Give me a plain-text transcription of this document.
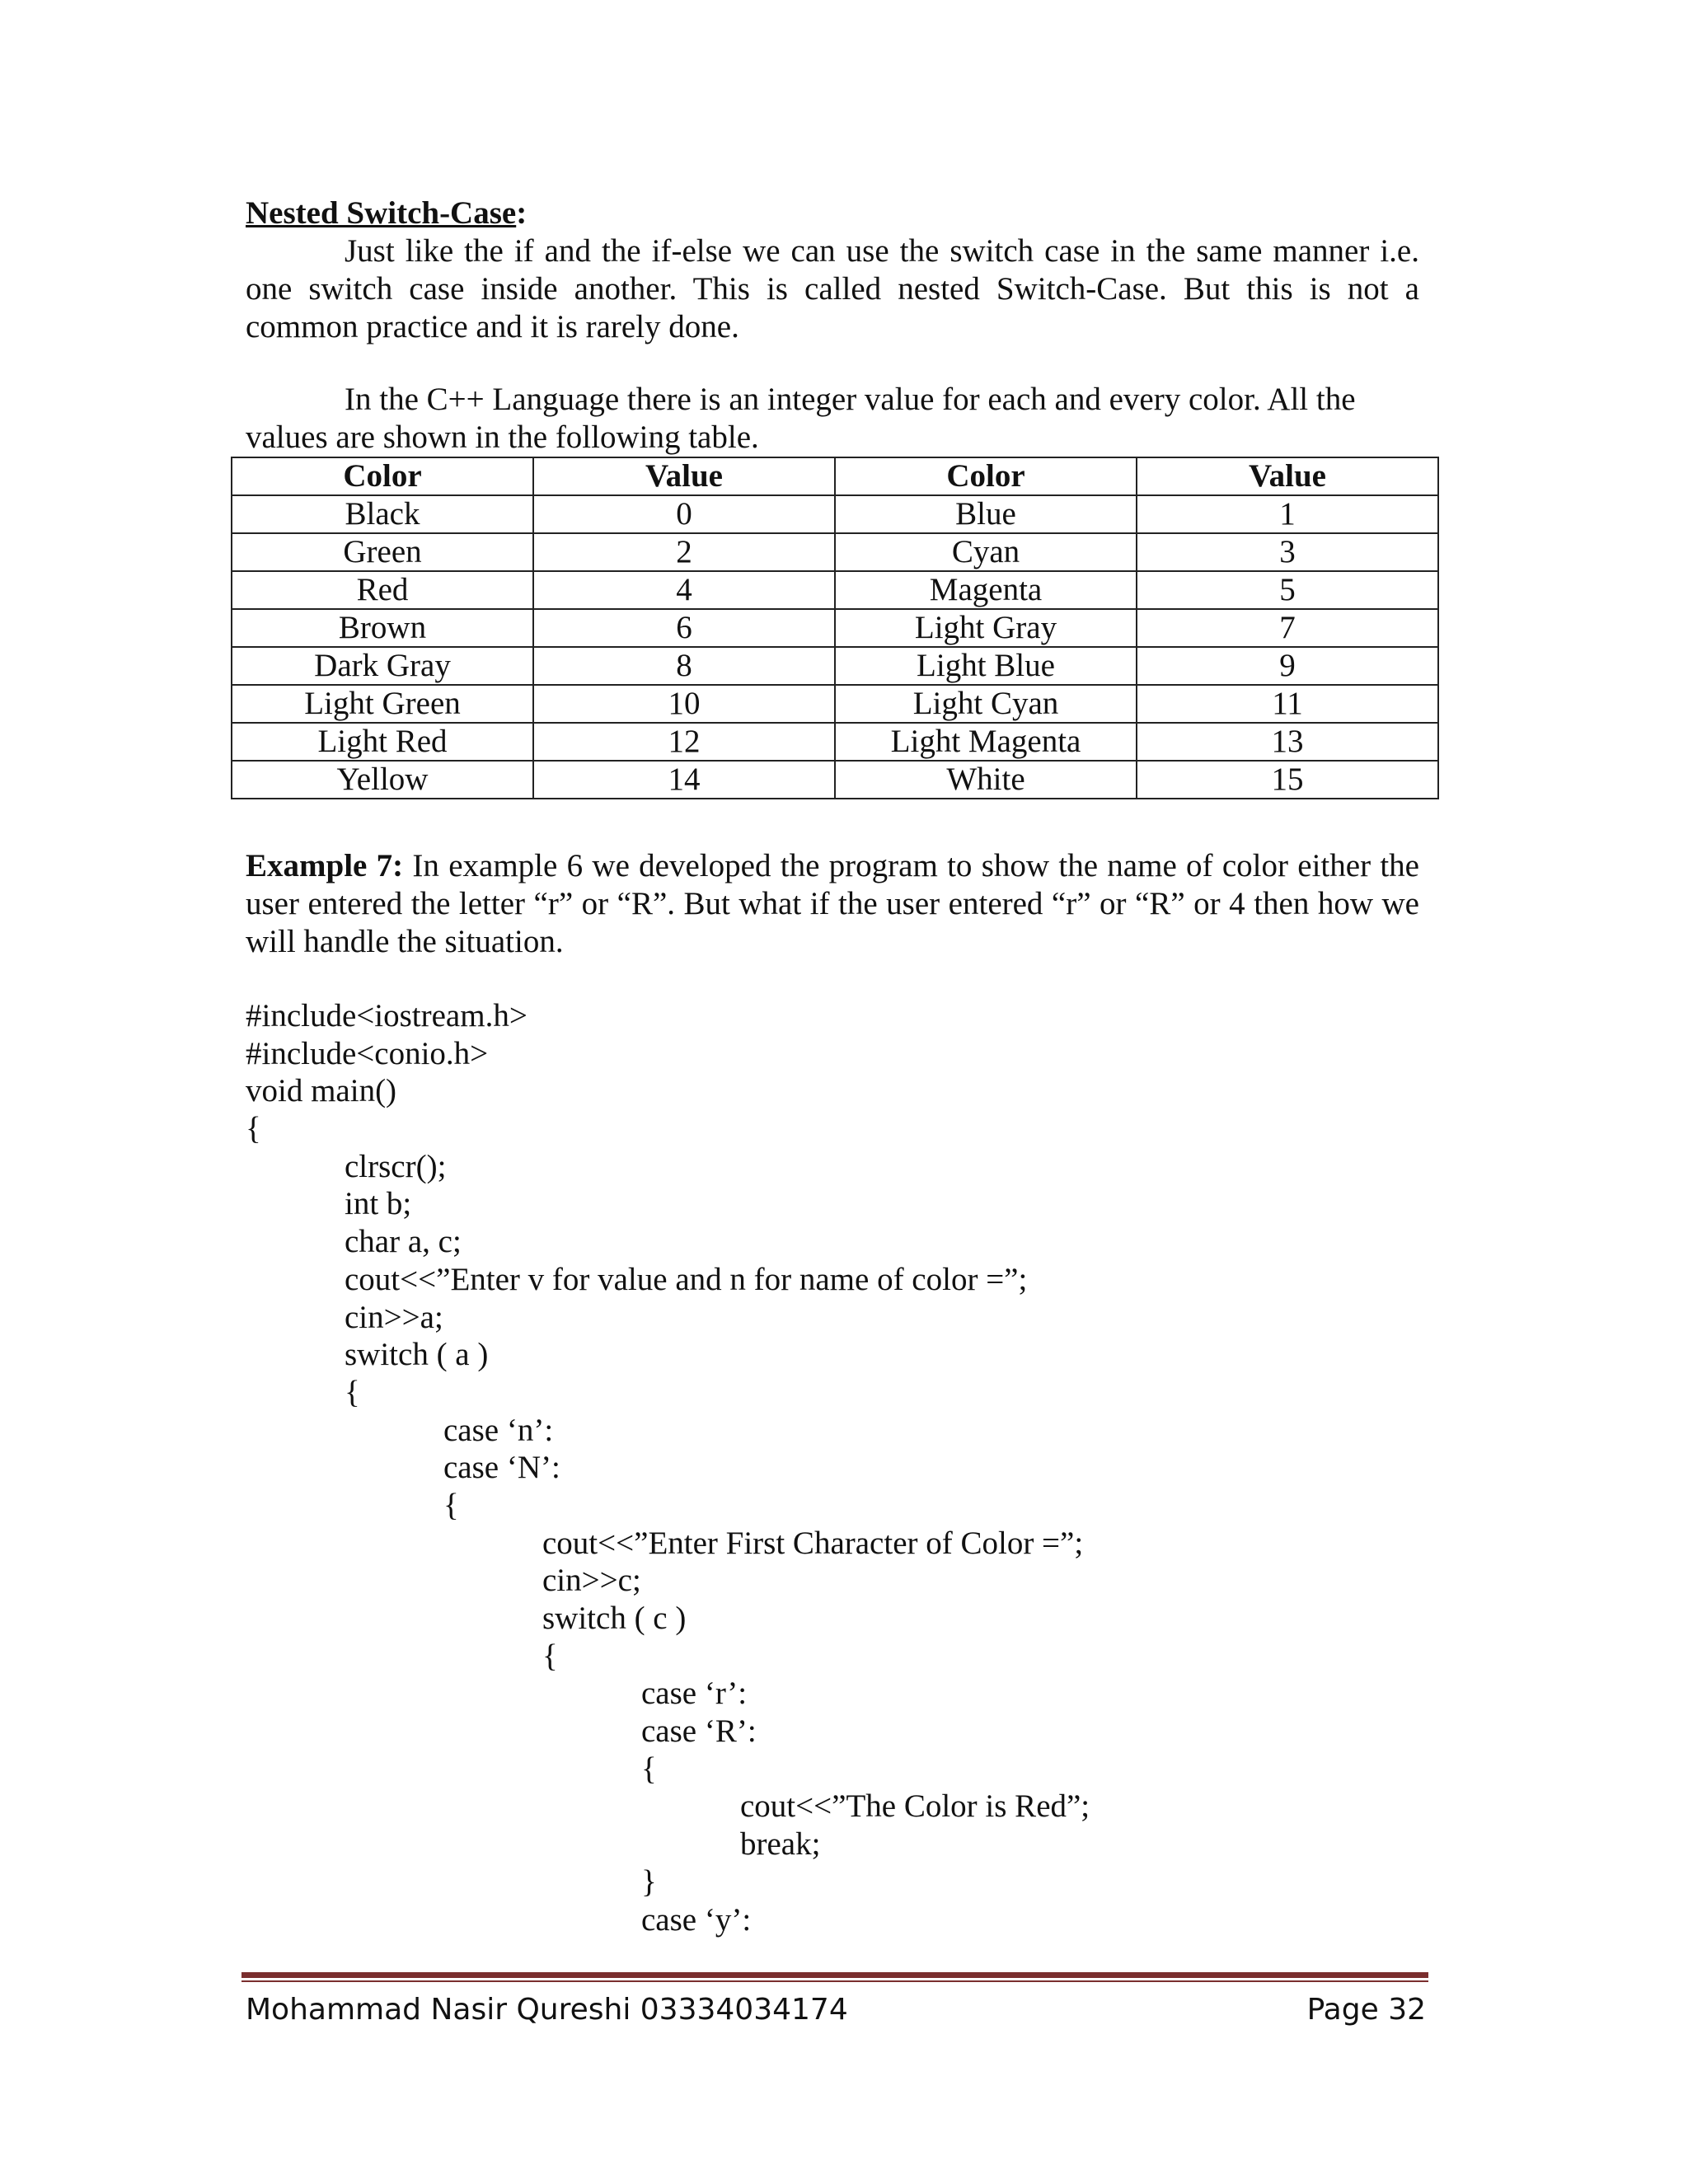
Nested Switch-Case:

Just like the if and the if-else we can use the switch case in the same manner i.e. one switch case inside another. This is called nested Switch-Case. But this is not a common practice and it is rarely done.

In the C++ Language there is an integer value for each and every color. All the values are shown in the following table.

Color	Value	Color	Value
Black	0	Blue	1
Green	2	Cyan	3
Red	4	Magenta	5
Brown	6	Light Gray	7
Dark Gray	8	Light Blue	9
Light Green	10	Light Cyan	11
Light Red	12	Light Magenta	13
Yellow	14	White	15
Example 7: In example 6 we developed the program to show the name of color either the user entered the letter “r” or “R”. But what if the user entered “r” or “R” or 4 then how we will handle the situation.
#include<iostream.h>
#include<conio.h>
void main()
{
clrscr();
int b;
char a, c;
cout<<”Enter v for value and n for name of color =”;
cin>>a;
switch ( a )
{
case ‘n’:
case ‘N’:
{
cout<<”Enter First Character of Color =”;
cin>>c;
switch ( c )
{
case ‘r’:
case ‘R’:
{
cout<<”The Color is Red”;
break;
}
case ‘y’:
Mohammad Nasir Qureshi 03334034174	Page 32
